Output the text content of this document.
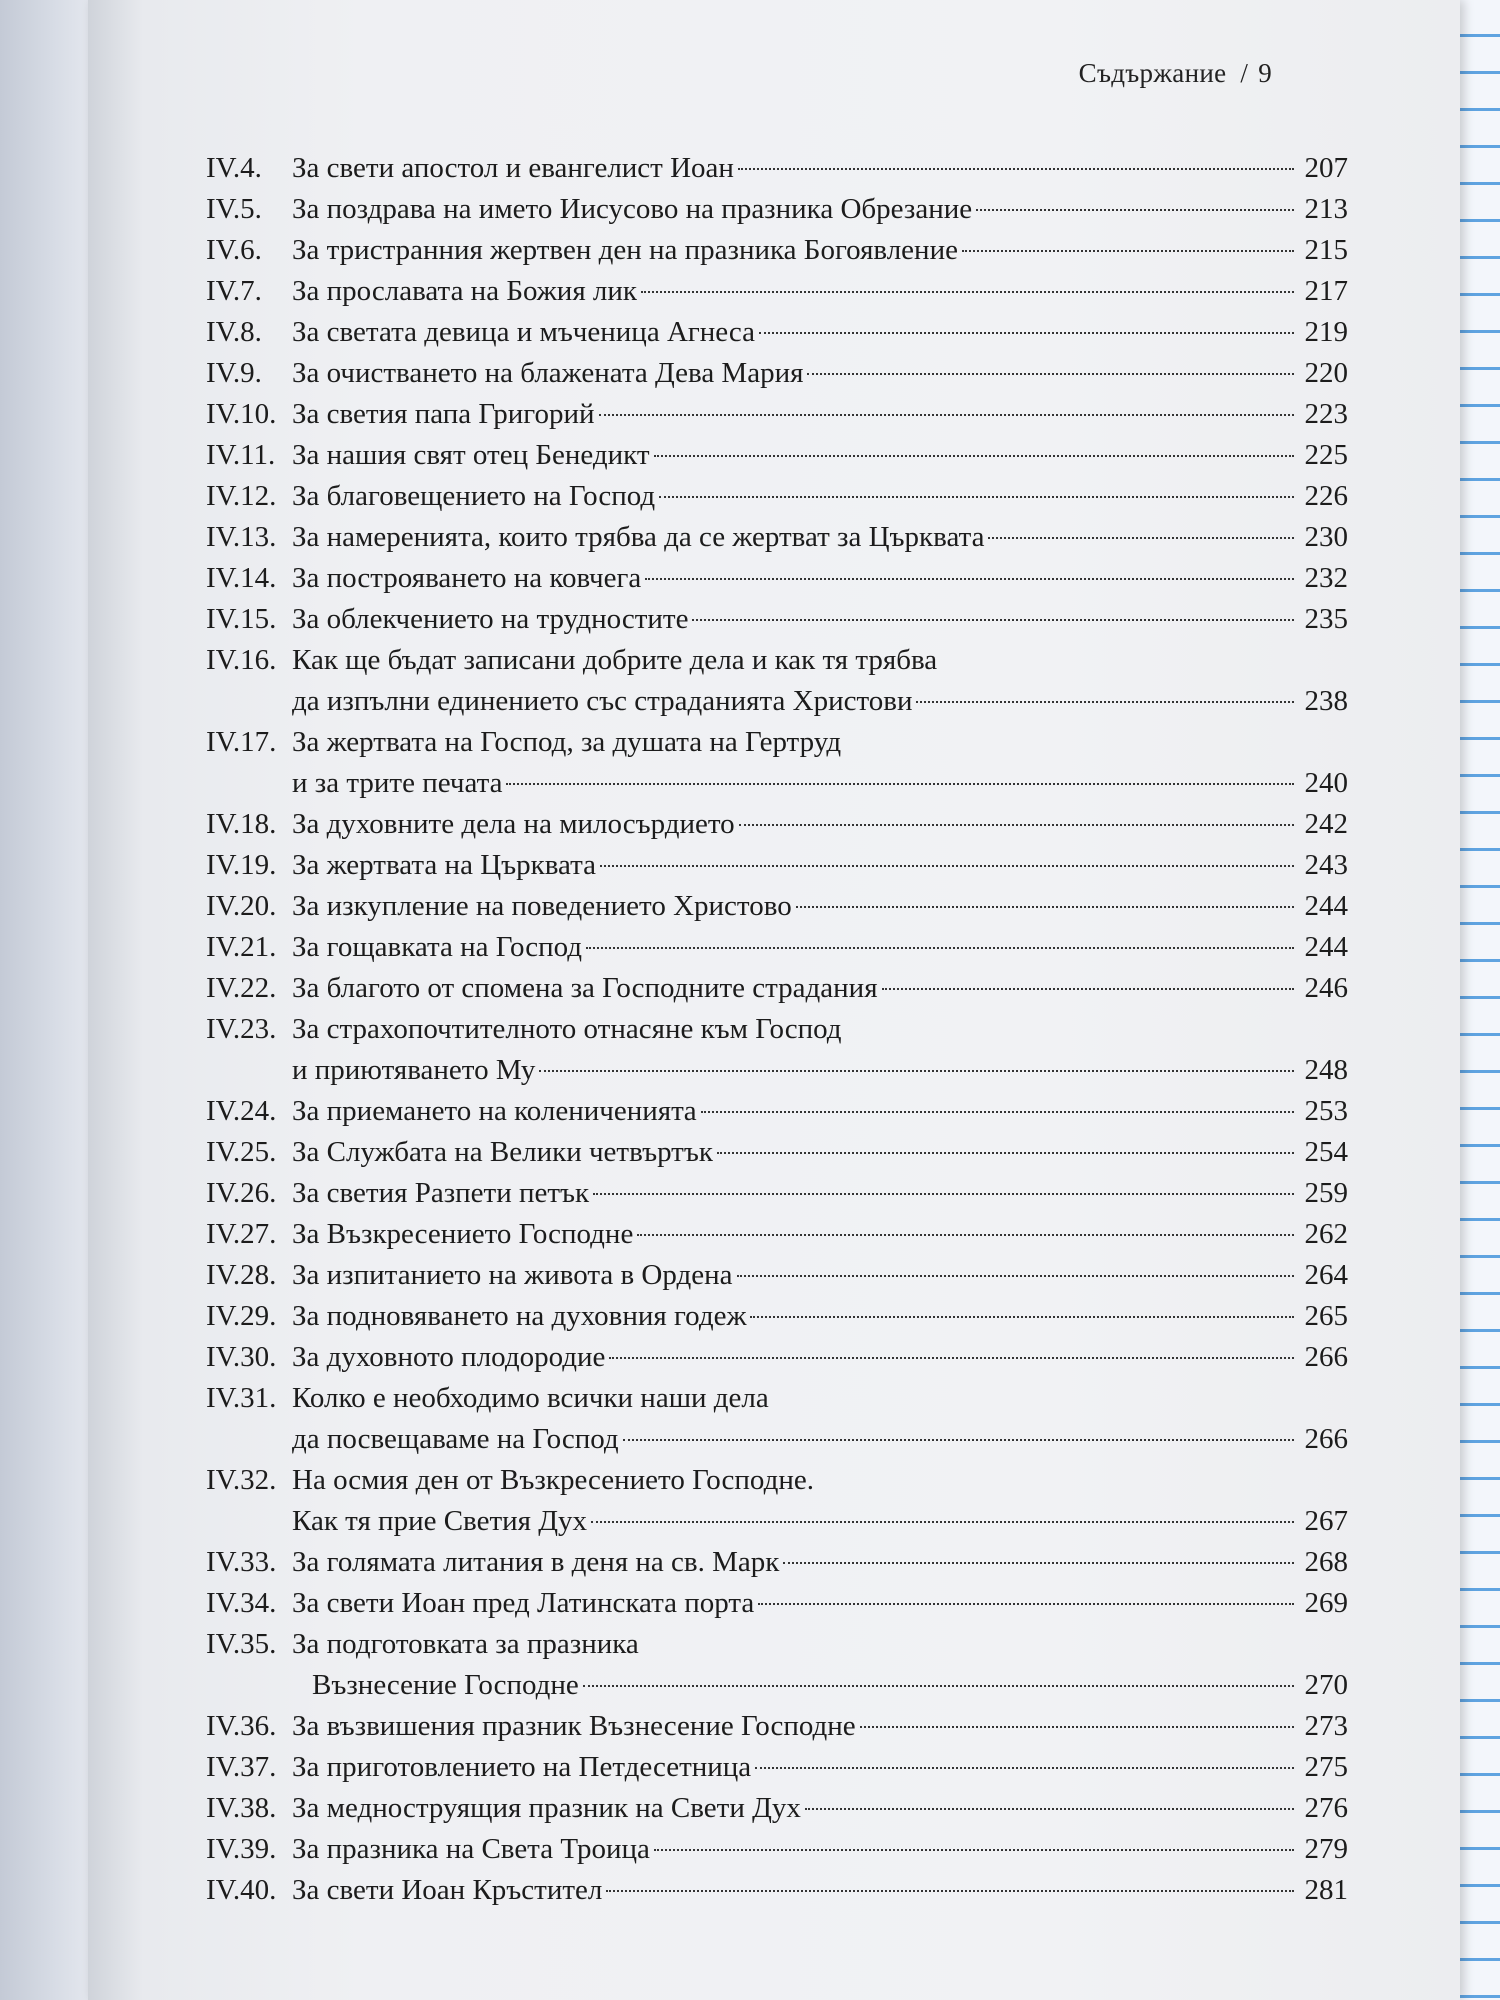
Съдържание / 9
IV.4.	За свети апостол и евангелист Иоан	207
IV.5.	За поздрава на името Иисусово на празника Обрезание	213
IV.6.	За тристранния жертвен ден на празника Богоявление	215
IV.7.	За прославата на Божия лик	217
IV.8.	За светата девица и мъченица Агнеса	219
IV.9.	За очистването на блажената Дева Мария	220
IV.10. За светия папа Григорий	223
IV.11. За нашия свят отец Бенедикт	225
IV.12. За благовещението на Господ	226
IV.13. За намеренията, които трябва да се жертват за Църквата	230
IV.14. За построяването на ковчега	232
IV.15. За облекчението на трудностите	235
IV.16. Как ще бъдат записани добрите дела и как тя трябва
да изпълни единението със страданията Христови	238
IV.17. За жертвата на Господ, за душата на Гертруд
и за трите печата	240
IV.18. За духовните дела на милосърдието	242
IV.19. За жертвата на Църквата	243
IV.20. За изкупление на поведението Христово	244
IV.21. За гощавката на Господ	244
IV.22. За благото от спомена за Господните страдания	246
IV.23. За страхопочтителното отнасяне към Господ
и приютяването Му	248
IV.24. За приемането на коленичениятa	253
IV.25. За Службата на Велики четвъртък	254
IV.26. За светия Разпети петък	259
IV.27. За Възкресението Господне	262
IV.28. За изпитанието на живота в Ордена	264
IV.29. За подновяването на духовния годеж	265
IV.30. За духовното плодородие	266
IV.31. Колко е необходимо всички наши дела
да посвещаваме на Господ	266
IV.32. На осмия ден от Възкресението Господне.
Как тя прие Светия Дух	267
IV.33. За голямата литания в деня на св. Марк	268
IV.34. За свети Иоан пред Латинската порта	269
IV.35. За подготовката за празника
Възнесение Господне	270
IV.36. За възвишения празник Възнесение Господне	273
IV.37. За приготовлението на Петдесетница	275
IV.38. За медноструящия празник на Свети Дух	276
IV.39. За празника на Света Троица	279
IV.40. За свети Иоан Кръстител	281
